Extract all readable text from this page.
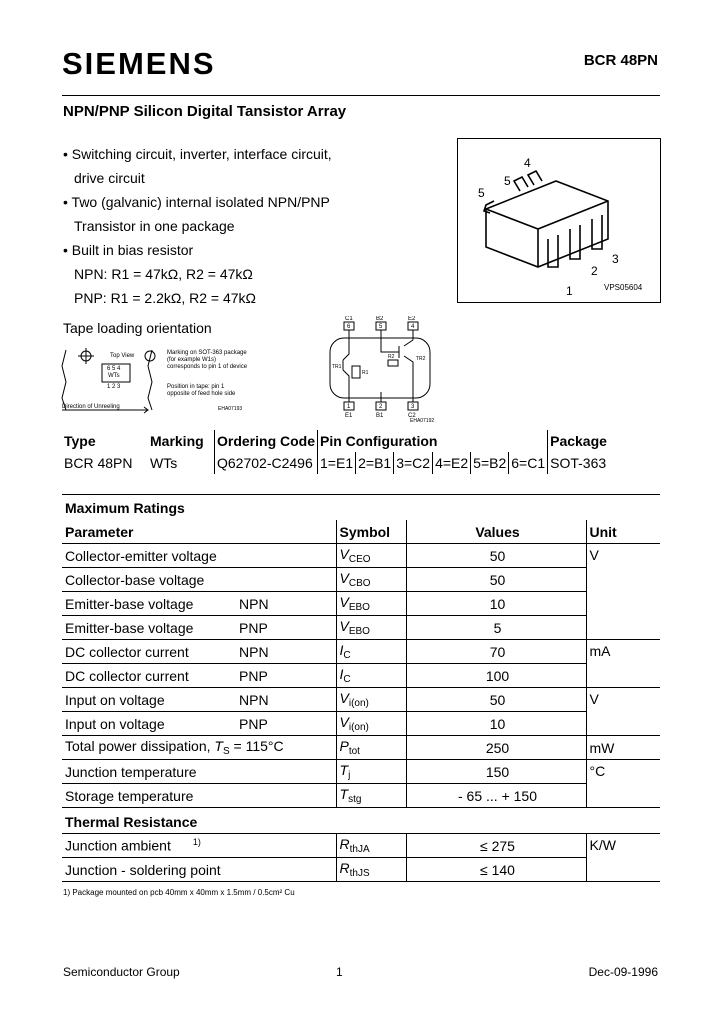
SIEMENS	BCR 48PN
NPN/PNP Silicon Digital Tansistor Array
• Switching circuit, inverter, interface circuit,
drive circuit
• Two (galvanic) internal isolated NPN/PNP
Transistor in one package
• Built in bias resistor
NPN: R1 = 47kΩ, R2 = 47kΩ
PNP: R1 = 2.2kΩ, R2 = 47kΩ
5
5
4
1
2
3
VPS05604
Tape loading orientation
Top View
6 5 4
WTs
1 2 3
Marking on SOT-363 package
(for example W1s)
corresponds to pin 1 of device
Position in tape: pin 1
opposite of feed hole side
Direction of Unreeling	EHA07193
C1	B2	E2
6	5	4
1	2	3
E1	B1	C2
TR1
TR2
R1
R2
EHA07192
Type	Marking	Ordering Code	Pin Configuration						Package
BCR 48PN	WTs	Q62702-C2496	1=E1	2=B1	3=C2	4=E2	5=B2	6=C1	SOT-363
Maximum Ratings
Parameter		Symbol	Values	Unit
Collector-emitter voltage		$V_{CEO}$	50	V
Collector-base voltage		$V_{CBO}$	50	
Emitter-base voltage	NPN	$V_{EBO}$	10	
Emitter-base voltage	PNP	$V_{EBO}$	5	
DC collector current	NPN	$I_C$	70	mA
DC collector current	PNP	$I_C$	100	
Input on voltage	NPN	$V_{i(on)}$	50	V
Input on voltage	PNP	$V_{i(on)}$	10	
Total power dissipation, $T_S = 115^\circ C$		$P_{tot}$	250	mW
Junction temperature		$T_j$	150	°C
Storage temperature		$T_{stg}$	- 65 ... + 150	
Thermal Resistance
Junction ambient $^{1)}$	$R_{thJA}$	≤ 275	K/W
Junction - soldering point	$R_{thJS}$	≤ 140	
1) Package mounted on pcb 40mm x 40mm x 1.5mm / 0.5cm² Cu
Semiconductor Group	1	Dec-09-1996
